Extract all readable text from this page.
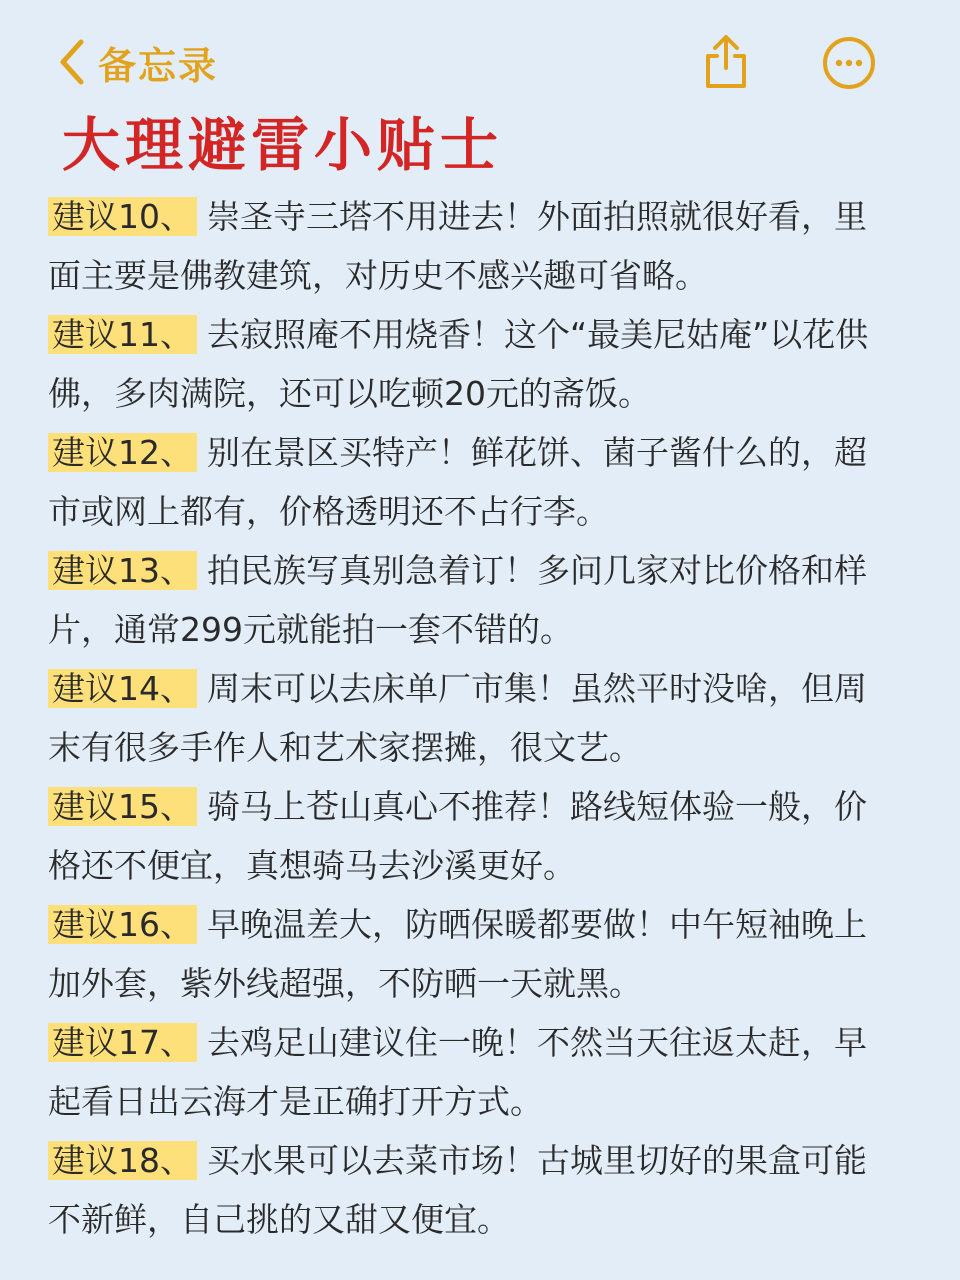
备忘录
大理避雷小贴士
建议10、 崇圣寺三塔不用进去！外面拍照就很好看，里面主要是佛教建筑，对历史不感兴趣可省略。
建议11、 去寂照庵不用烧香！这个“最美尼姑庵”以花供佛，多肉满院，还可以吃顿20元的斋饭。
建议12、 别在景区买特产！鲜花饼、菌子酱什么的，超市或网上都有，价格透明还不占行李。
建议13、 拍民族写真别急着订！多问几家对比价格和样片，通常299元就能拍一套不错的。
建议14、 周末可以去床单厂市集！虽然平时没啥，但周末有很多手作人和艺术家摆摊，很文艺。
建议15、 骑马上苍山真心不推荐！路线短体验一般，价格还不便宜，真想骑马去沙溪更好。
建议16、 早晚温差大，防晒保暖都要做！中午短袖晚上加外套，紫外线超强，不防晒一天就黑。
建议17、 去鸡足山建议住一晚！不然当天往返太赶，早起看日出云海才是正确打开方式。
建议18、 买水果可以去菜市场！古城里切好的果盒可能不新鲜，自己挑的又甜又便宜。
